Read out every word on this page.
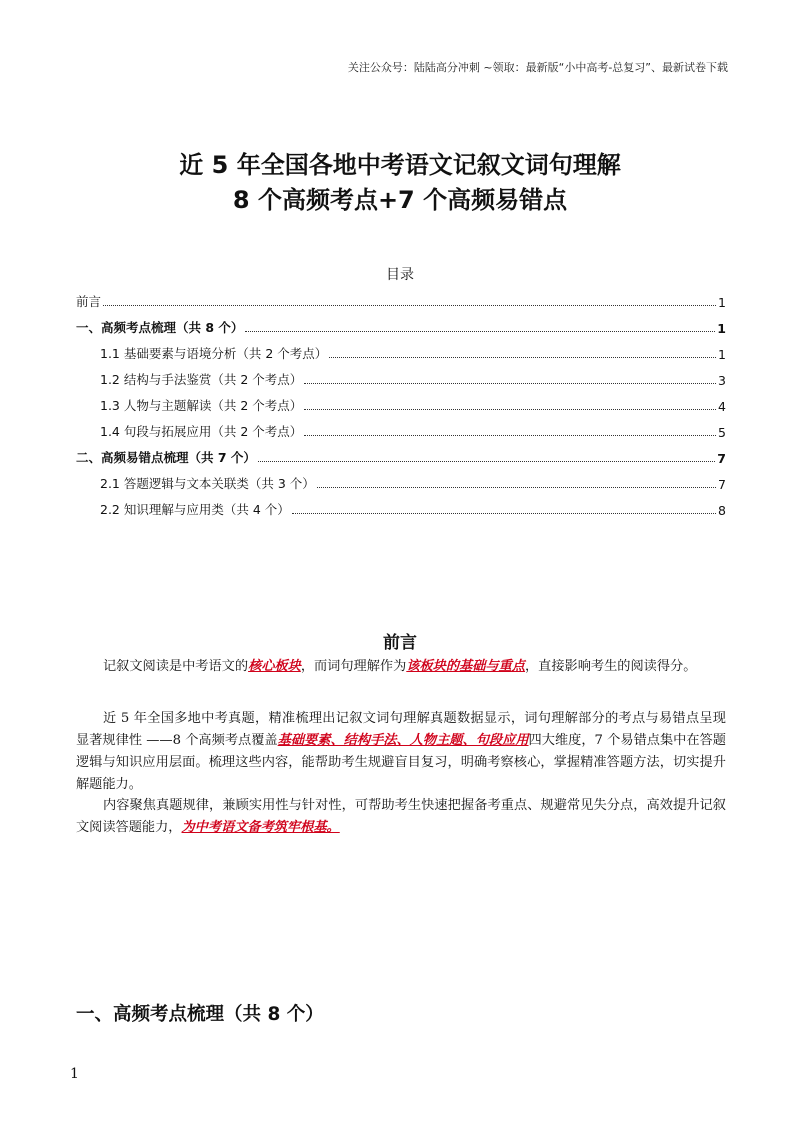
关注公众号：陆陆高分冲刺 ~领取：最新版“小中高考-总复习”、最新试卷下载
近 5 年全国各地中考语文记叙文词句理解
8 个高频考点+7 个高频易错点
目录
前言	1
一、高频考点梳理（共 8 个）	1
1.1 基础要素与语境分析（共 2 个考点）	1
1.2 结构与手法鉴赏（共 2 个考点）	3
1.3 人物与主题解读（共 2 个考点）	4
1.4 句段与拓展应用（共 2 个考点）	5
二、高频易错点梳理（共 7 个）	7
2.1 答题逻辑与文本关联类（共 3 个）	7
2.2 知识理解与应用类（共 4 个）	8
前言
记叙文阅读是中考语文的核心板块，而词句理解作为该板块的基础与重点，直接影响考生的阅读得分。
近 5 年全国多地中考真题，精准梳理出记叙文词句理解真题数据显示，词句理解部分的考点与易错点呈现显著规律性 ——8 个高频考点覆盖基础要素、结构手法、人物主题、句段应用四大维度，7 个易错点集中在答题逻辑与知识应用层面。梳理这些内容，能帮助考生规避盲目复习，明确考察核心，掌握精准答题方法，切实提升解题能力。
内容聚焦真题规律，兼顾实用性与针对性，可帮助考生快速把握备考重点、规避常见失分点，高效提升记叙文阅读答题能力，为中考语文备考筑牢根基。
一、高频考点梳理（共 8 个）
1
